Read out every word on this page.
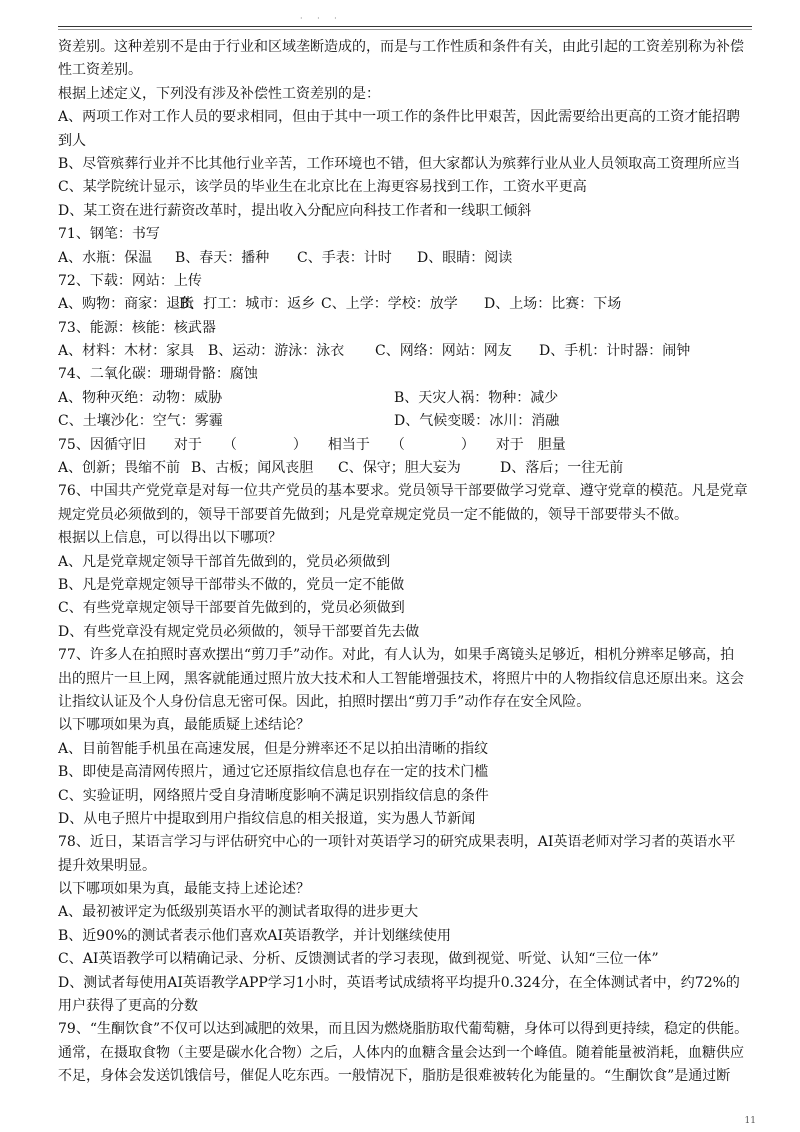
· · ·
资差别。这种差别不是由于行业和区域垄断造成的，而是与工作性质和条件有关，由此引起的工资差别称为补偿
性工资差别。
根据上述定义，下列没有涉及补偿性工资差别的是：
A、两项工作对工作人员的要求相同，但由于其中一项工作的条件比甲艰苦，因此需要给出更高的工资才能招聘
到人
B、尽管殡葬行业并不比其他行业辛苦，工作环境也不错，但大家都认为殡葬行业从业人员领取高工资理所应当
C、某学院统计显示，该学员的毕业生在北京比在上海更容易找到工作，工资水平更高
D、某工资在进行薪资改革时，提出收入分配应向科技工作者和一线职工倾斜
71、钢笔：书写
A、水瓶：保温	B、春天：播种	C、手表：计时	D、眼睛：阅读
72、下载：网站：上传
A、购物：商家：退货
B、打工：城市：返乡 C、上学：学校：放学	D、上场：比赛：下场
73、能源：核能：核武器
A、材料：木材：家具 B、运动：游泳：泳衣	C、网络：网站：网友	D、手机：计时器：闹钟
74、二氧化碳：珊瑚骨骼：腐蚀
A、物种灭绝：动物：威胁	B、天灾人祸：物种：减少
C、土壤沙化：空气：雾霾	D、气候变暖：冰川：消融
75、因循守旧　　对于　　（　　　　）　　相当于　　（　　　　）　　对于　胆量
A、创新；畏缩不前 B、古板；闻风丧胆	C、保守；胆大妄为	D、落后；一往无前
76、中国共产党党章是对每一位共产党员的基本要求。党员领导干部要做学习党章、遵守党章的模范。凡是党章
规定党员必须做到的，领导干部要首先做到；凡是党章规定党员一定不能做的，领导干部要带头不做。
根据以上信息，可以得出以下哪项？
A、凡是党章规定领导干部首先做到的，党员必须做到
B、凡是党章规定领导干部带头不做的，党员一定不能做
C、有些党章规定领导干部要首先做到的，党员必须做到
D、有些党章没有规定党员必须做的，领导干部要首先去做
77、许多人在拍照时喜欢摆出“剪刀手”动作。对此，有人认为，如果手离镜头足够近，相机分辨率足够高，拍
出的照片一旦上网，黑客就能通过照片放大技术和人工智能增强技术，将照片中的人物指纹信息还原出来。这会
让指纹认证及个人身份信息无密可保。因此，拍照时摆出“剪刀手”动作存在安全风险。
以下哪项如果为真，最能质疑上述结论？
A、目前智能手机虽在高速发展，但是分辨率还不足以拍出清晰的指纹
B、即使是高清网传照片，通过它还原指纹信息也存在一定的技术门槛
C、实验证明，网络照片受自身清晰度影响不满足识别指纹信息的条件
D、从电子照片中提取到用户指纹信息的相关报道，实为愚人节新闻
78、近日，某语言学习与评估研究中心的一项针对英语学习的研究成果表明，AI英语老师对学习者的英语水平
提升效果明显。
以下哪项如果为真，最能支持上述论述？
A、最初被评定为低级别英语水平的测试者取得的进步更大
B、近90%的测试者表示他们喜欢AI英语教学，并计划继续使用
C、AI英语教学可以精确记录、分析、反馈测试者的学习表现，做到视觉、听觉、认知“三位一体”
D、测试者每使用AI英语教学APP学习1小时，英语考试成绩将平均提升0.324分，在全体测试者中，约72%的
用户获得了更高的分数
79、“生酮饮食”不仅可以达到减肥的效果，而且因为燃烧脂肪取代葡萄糖，身体可以得到更持续，稳定的供能。
通常，在摄取食物（主要是碳水化合物）之后，人体内的血糖含量会达到一个峰值。随着能量被消耗，血糖供应
不足，身体会发送饥饿信号，催促人吃东西。一般情况下，脂肪是很难被转化为能量的。“生酮饮食”是通过断
11
